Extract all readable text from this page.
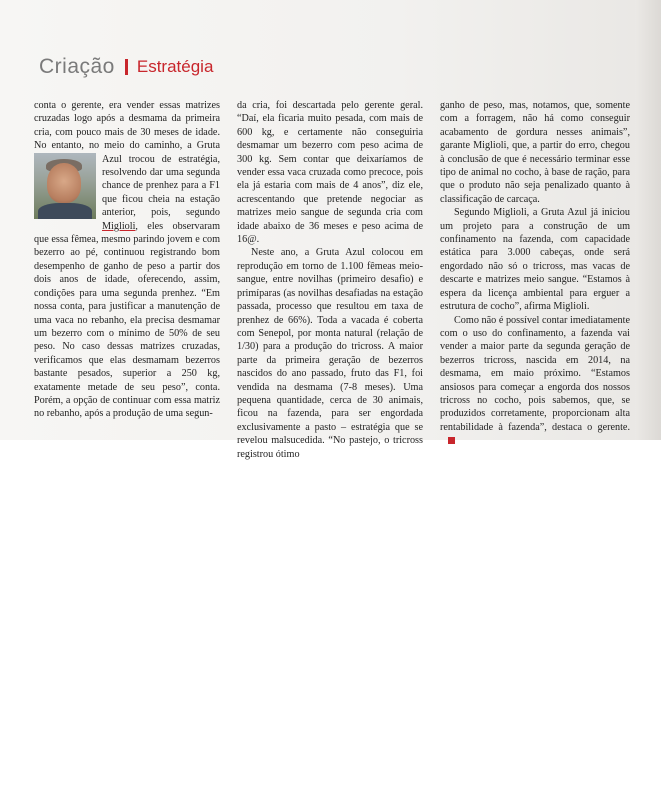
Criação Estratégia

conta o gerente, era vender essas matrizes cruzadas logo após a desmama da primeira cria, com pouco mais de 30 meses de idade. No entanto, no meio do caminho, a Gruta Azul trocou de estratégia,
resolvendo dar uma segunda chance de prenhez para a F1 que ficou cheia na estação anterior, pois, segundo Miglioli, eles observaram que essa fêmea, mesmo parindo jovem e com bezerro ao pé, continuou registrando bom desempenho de ganho de peso a partir dos dois anos de idade, oferecendo, assim, condições para uma segunda prenhez. “Em nossa conta, para justificar a manutenção de uma vaca no rebanho, ela precisa desmamar um bezerro com o mínimo de 50% de seu peso. No caso dessas matrizes cruzadas, verificamos que elas desmamam bezerros bastante pesados, superior a 250 kg, exatamente metade de seu peso”, conta. Porém, a opção de continuar com essa matriz no rebanho, após a produção de uma segun-

da cria, foi descartada pelo gerente geral. “Daí, ela ficaria muito pesada, com mais de 600 kg, e certamente não conseguiria desmamar um bezerro com peso acima de 300 kg. Sem contar que deixaríamos de vender essa vaca cruzada como precoce, pois ela já estaria com mais de 4 anos”, diz ele, acrescentando que pretende negociar as matrizes meio sangue de segunda cria com idade abaixo de 36 meses e peso acima de 16@.

Neste ano, a Gruta Azul colocou em reprodução em torno de 1.100 fêmeas meio-sangue, entre novilhas (primeiro desafio) e primíparas (as novilhas desafiadas na estação passada, processo que resultou em taxa de prenhez de 66%). Toda a vacada é coberta com Senepol, por monta natural (relação de 1/30) para a produção do tricross. A maior parte da primeira geração de bezerros nascidos do ano passado, fruto das F1, foi vendida na desmama (7-8 meses). Uma pequena quantidade, cerca de 30 animais, ficou na fazenda, para ser engordada exclusivamente a pasto – estratégia que se revelou malsucedida. “No pastejo, o tricross registrou ótimo

ganho de peso, mas, notamos, que, somente com a forragem, não há como conseguir acabamento de gordura nesses animais”, garante Miglioli, que, a partir do erro, chegou à conclusão de que é necessário terminar esse tipo de animal no cocho, à base de ração, para que o produto não seja penalizado quanto à classificação de carcaça.

Segundo Miglioli, a Gruta Azul já iniciou um projeto para a construção de um confinamento na fazenda, com capacidade estática para 3.000 cabeças, onde será engordado não só o tricross, mas vacas de descarte e matrizes meio sangue. “Estamos à espera da licença ambiental para erguer a estrutura de cocho”, afirma Miglioli.

Como não é possível contar imediatamente com o uso do confinamento, a fazenda vai vender a maior parte da segunda geração de bezerros tricross, nascida em 2014, na desmama, em maio próximo. “Estamos ansiosos para começar a engorda dos nossos tricross no cocho, pois sabemos, que, se produzidos corretamente, proporcionam alta rentabilidade à fazenda”, destaca o gerente.
